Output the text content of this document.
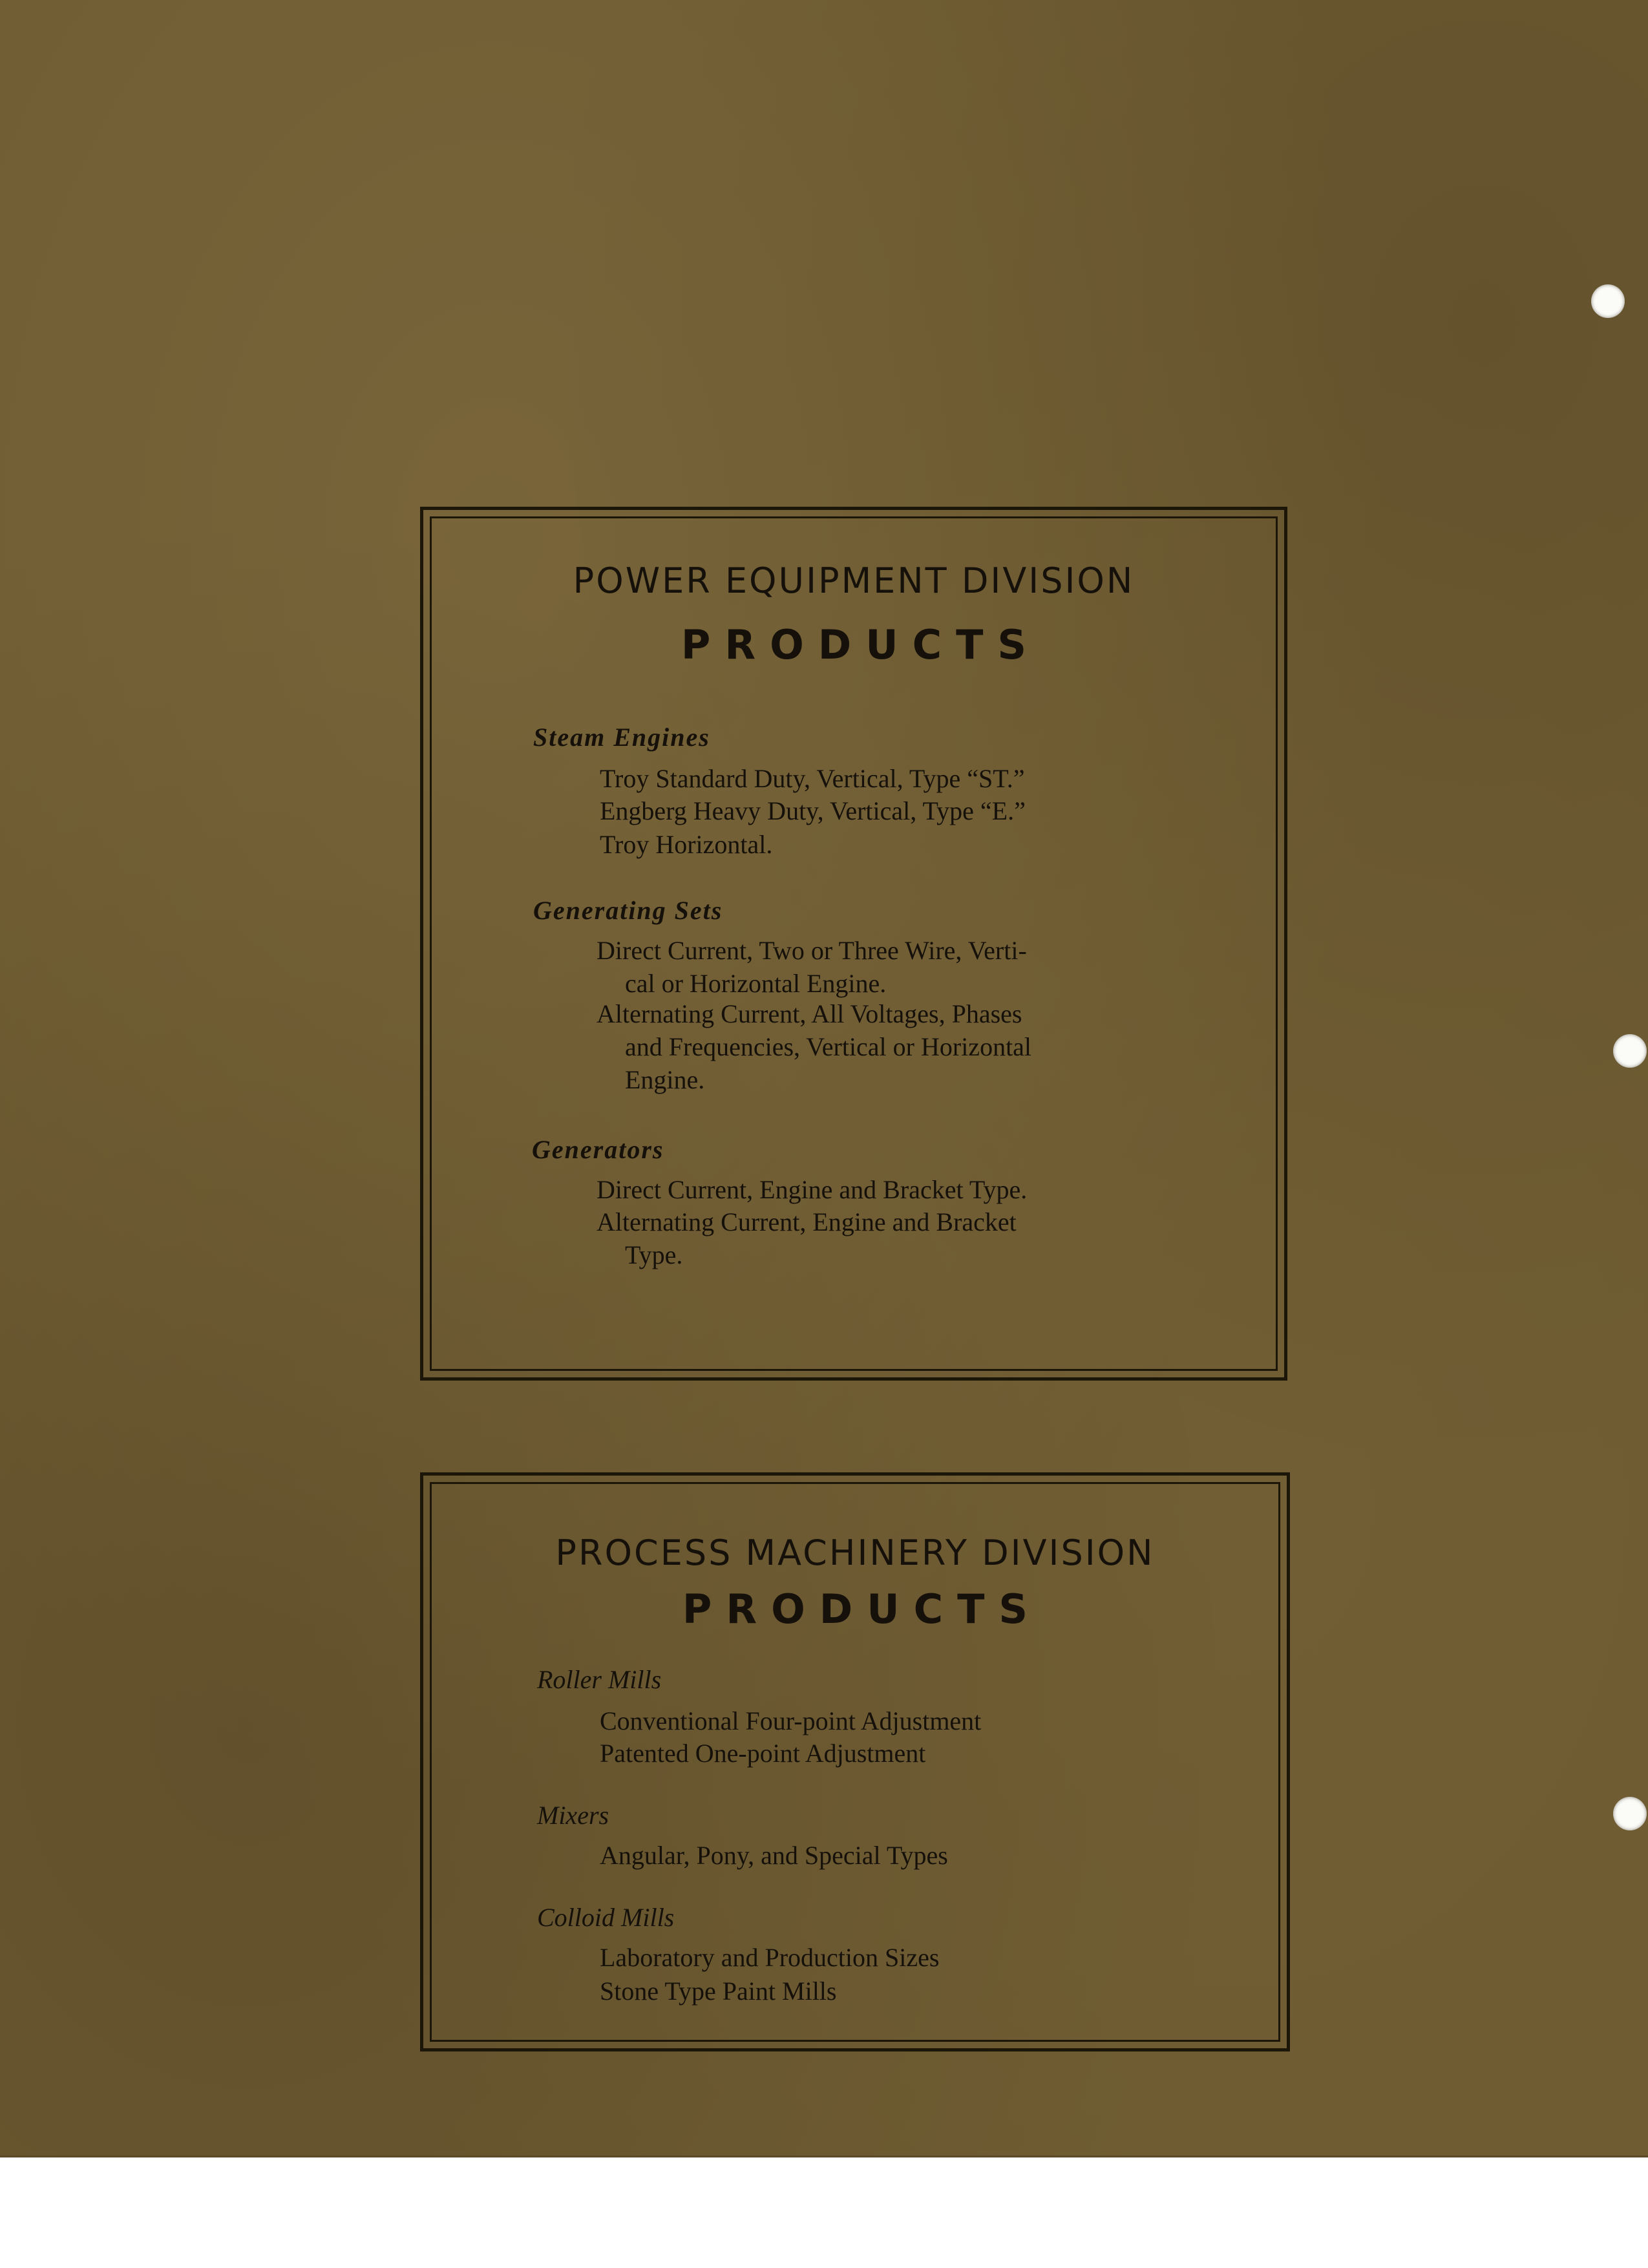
POWER EQUIPMENT DIVISION
PRODUCTS
Steam Engines
Troy Standard Duty, Vertical, Type “ST.”
Engberg Heavy Duty, Vertical, Type “E.”
Troy Horizontal.
Generating Sets
Direct Current, Two or Three Wire, Verti-
cal or Horizontal Engine.
Alternating Current, All Voltages, Phases
and Frequencies, Vertical or Horizontal
Engine.
Generators
Direct Current, Engine and Bracket Type.
Alternating Current, Engine and Bracket
Type.
PROCESS MACHINERY DIVISION
PRODUCTS
Roller Mills
Conventional Four-point Adjustment
Patented One-point Adjustment
Mixers
Angular, Pony, and Special Types
Colloid Mills
Laboratory and Production Sizes
Stone Type Paint Mills
